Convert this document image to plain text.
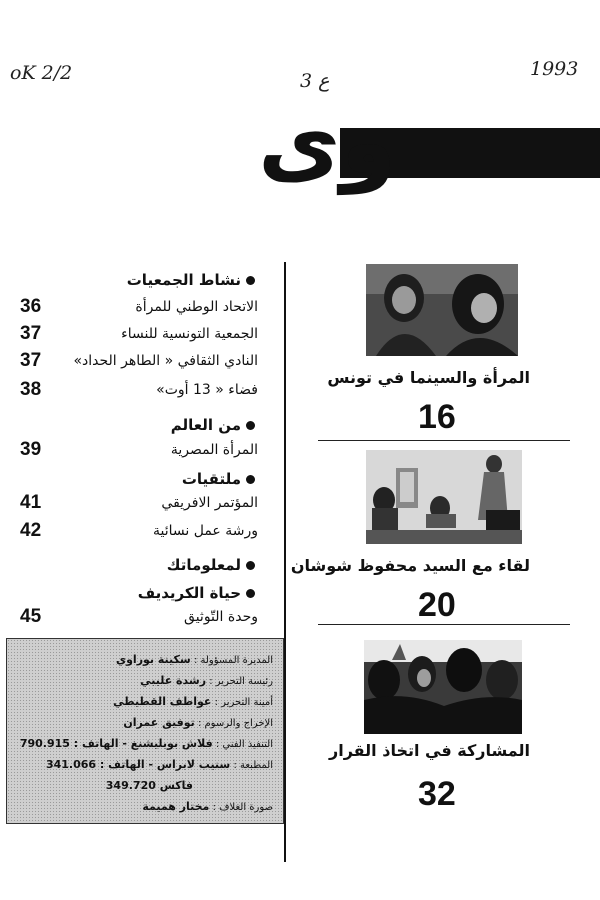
oK 2/2	3 ع
1993
وى
نشاط الجمعيات
الاتحاد الوطني للمرأة
36
الجمعية التونسية للنساء
37
النادي الثقافي « الطاهر الحداد»
37
فضاء « 13 أوت»
38
من العالم
المرأة المصرية
39
ملتقيات
المؤتمر الافريقي
41
ورشة عمل نسائية
42
لمعلوماتك
حياة الكريديف
وحدة التّوثيق
45
المديرة المسؤولة : سكينة بوراوي
رئيسة التحرير : رشدة عليبي
أمينة التحرير : عواطف القطيطي
الإخراج والرسوم : توفيق عمران
التنفيذ الفني : فلاش بوبليشنغ - الهاتف : 790.915
المطبعة : سنيب لابراس - الهاتف : 341.066
فاكس 349.720
صورة الغلاف : مختار هميمة
المرأة والسينما في تونس
16
لقاء مع السيد محفوظ شوشان
20
المشاركة في اتخاذ القرار
32
